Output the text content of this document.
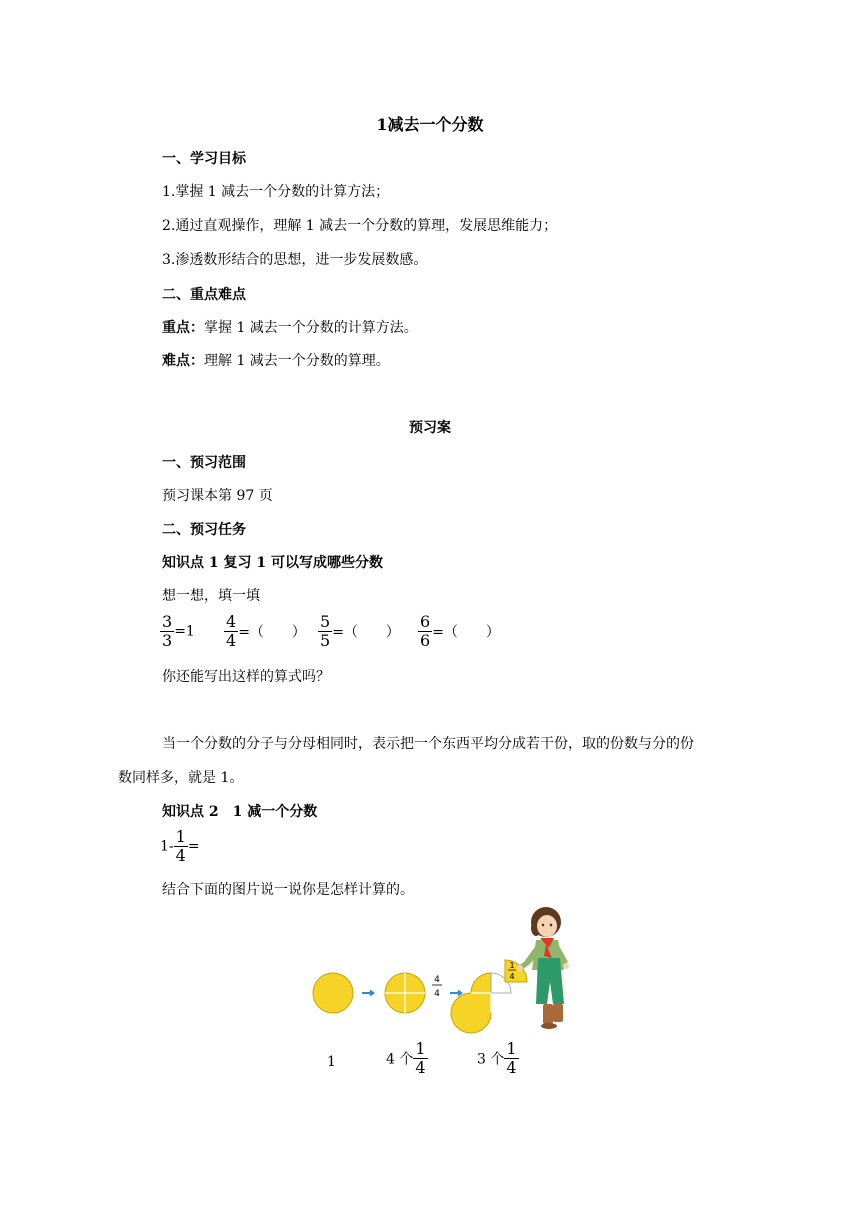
1减去一个分数
一、学习目标
1.掌握 1 减去一个分数的计算方法；
2.通过直观操作，理解 1 减去一个分数的算理，发展思维能力；
3.渗透数形结合的思想，进一步发展数感。
二、重点难点
重点：掌握 1 减去一个分数的计算方法。
难点：理解 1 减去一个分数的算理。
预习案
一、预习范围
预习课本第 97 页
二、预习任务
知识点 1 复习 1 可以写成哪些分数
想一想，填一填
$\frac{3}{3} =1 \frac{4}{4}$ =（　　） $\frac{5}{5}$ =（　　） $\frac{6}{6}$ =（　　）
你还能写出这样的算式吗？
当一个分数的分子与分母相同时，表示把一个东西平均分成若干份，取的份数与分的份
数同样多，就是 1。
知识点 2　1 减一个分数
$1- \frac{1}{4}$ =
结合下面的图片说一说你是怎样计算的。
4
4
1
4
1	4 个 $\frac{1}{4}$	3 个 $\frac{1}{4}$
